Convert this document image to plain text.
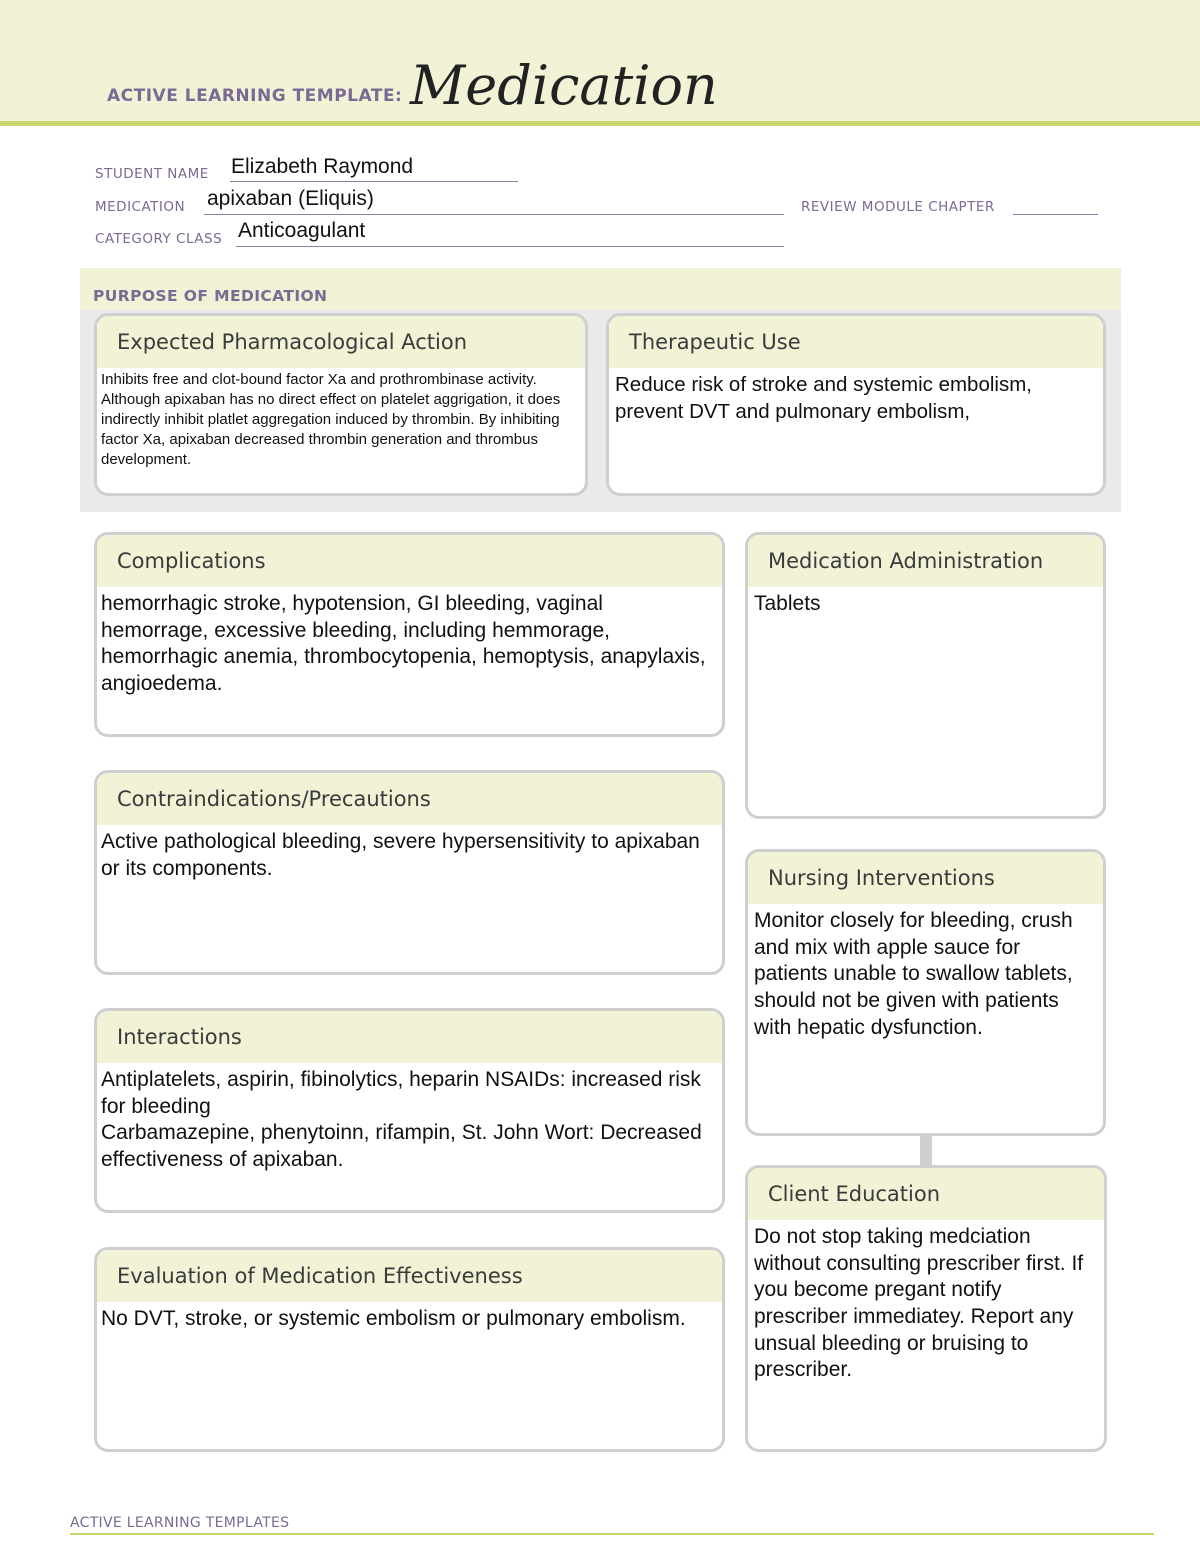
ACTIVE LEARNING TEMPLATE: Medication
STUDENT NAME Elizabeth Raymond
MEDICATION apixaban (Eliquis)	REVIEW MODULE CHAPTER
CATEGORY CLASS Anticoagulant
PURPOSE OF MEDICATION
Expected Pharmacological Action
Inhibits free and clot-bound factor Xa and prothrombinase activity. Although apixaban has no direct effect on platelet aggrigation, it does indirectly inhibit platlet aggregation induced by thrombin. By inhibiting factor Xa, apixaban decreased thrombin generation and thrombus development.
Therapeutic Use
Reduce risk of stroke and systemic embolism, prevent DVT and pulmonary embolism,
Complications
hemorrhagic stroke, hypotension, GI bleeding, vaginal hemorrage, excessive bleeding, including hemmorage, hemorrhagic anemia, thrombocytopenia, hemoptysis, anapylaxis, angioedema.
Contraindications/Precautions
Active pathological bleeding, severe hypersensitivity to apixaban or its components.
Interactions
Antiplatelets, aspirin, fibinolytics, heparin NSAIDs: increased risk for bleeding
Carbamazepine, phenytoinn, rifampin, St. John Wort: Decreased effectiveness of apixaban.
Evaluation of Medication Effectiveness
No DVT, stroke, or systemic embolism or pulmonary embolism.
Medication Administration
Tablets
Nursing Interventions
Monitor closely for bleeding, crush and mix with apple sauce for patients unable to swallow tablets, should not be given with patients with hepatic dysfunction.
Client Education
Do not stop taking medciation without consulting prescriber first. If you become pregant notify prescriber immediatey. Report any unsual bleeding or bruising to prescriber.
ACTIVE LEARNING TEMPLATES
